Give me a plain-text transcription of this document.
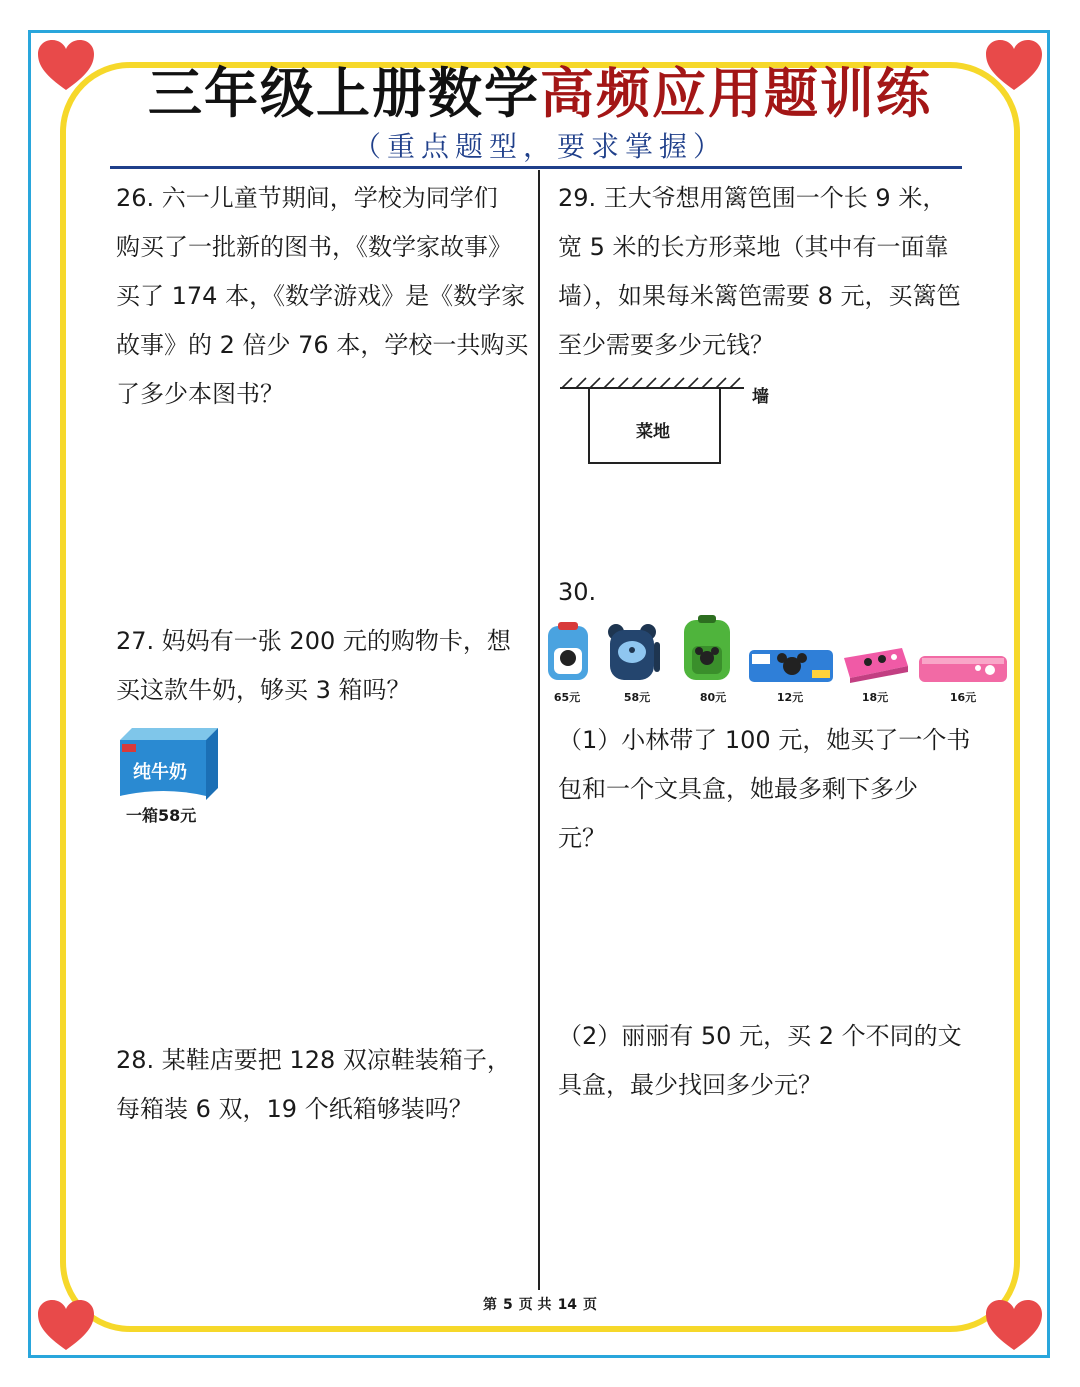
三年级上册数学高频应用题训练
（重点题型，要求掌握）

26. 六一儿童节期间，学校为同学们

购买了一批新的图书，《数学家故事》

买了 174 本，《数学游戏》是《数学家

故事》的 2 倍少 76 本，学校一共购买

了多少本图书？

27. 妈妈有一张 200 元的购物卡，想

买这款牛奶，够买 3 箱吗？

纯牛奶
一箱58元

28. 某鞋店要把 128 双凉鞋装箱子，

每箱装 6 双，19 个纸箱够装吗？

29. 王大爷想用篱笆围一个长 9 米，

宽 5 米的长方形菜地（其中有一面靠

墙），如果每米篱笆需要 8 元，买篱笆

至少需要多少元钱？

墙
菜地
30.
65元	58元	80元	12元	18元	16元

（1）小林带了 100 元，她买了一个书

包和一个文具盒，她最多剩下多少

元？

（2）丽丽有 50 元，买 2 个不同的文

具盒，最少找回多少元？

第 5 页 共 14 页
